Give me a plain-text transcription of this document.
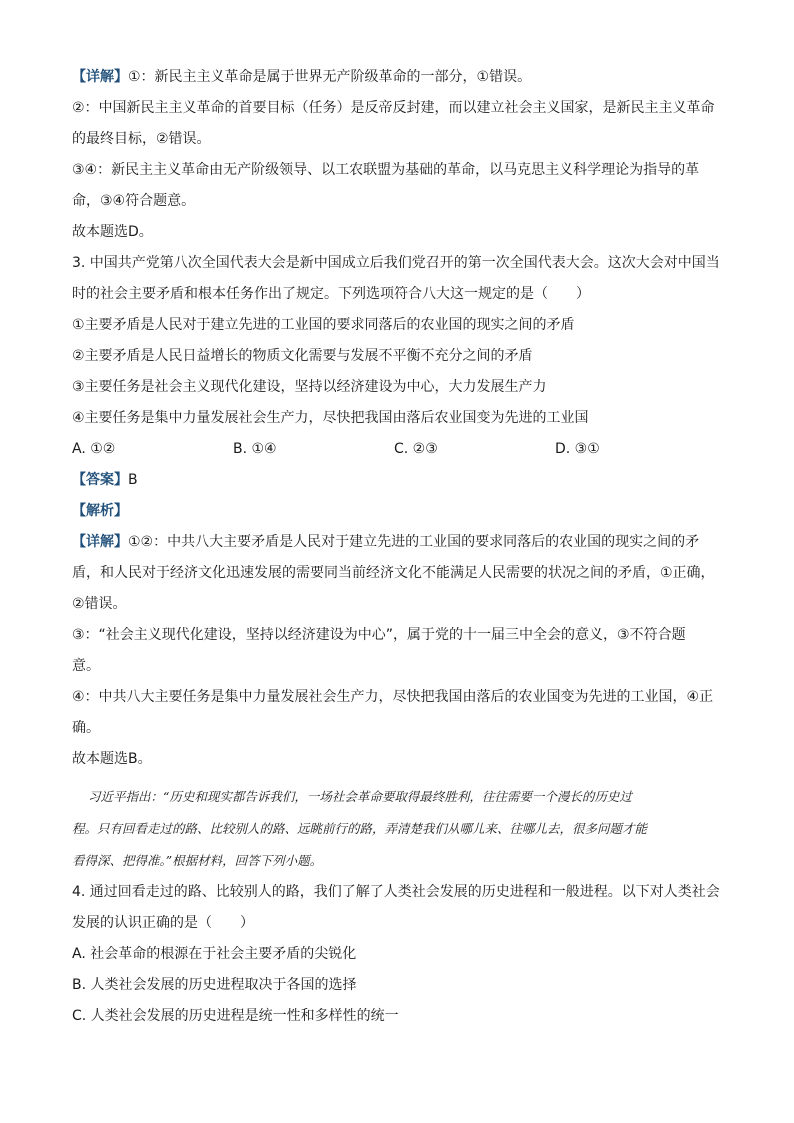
【详解】①：新民主主义革命是属于世界无产阶级革命的一部分，①错误。
②：中国新民主主义革命的首要目标（任务）是反帝反封建，而以建立社会主义国家，是新民主主义革命
的最终目标，②错误。
③④：新民主主义革命由无产阶级领导、以工农联盟为基础的革命，以马克思主义科学理论为指导的革
命，③④符合题意。
故本题选D。
3. 中国共产党第八次全国代表大会是新中国成立后我们党召开的第一次全国代表大会。这次大会对中国当
时的社会主要矛盾和根本任务作出了规定。下列选项符合八大这一规定的是（　　）
①主要矛盾是人民对于建立先进的工业国的要求同落后的农业国的现实之间的矛盾
②主要矛盾是人民日益增长的物质文化需要与发展不平衡不充分之间的矛盾
③主要任务是社会主义现代化建设，坚持以经济建设为中心，大力发展生产力
④主要任务是集中力量发展社会生产力，尽快把我国由落后农业国变为先进的工业国
A. ①②	B. ①④	C. ②③	D. ③①
【答案】B
【解析】
【详解】①②：中共八大主要矛盾是人民对于建立先进的工业国的要求同落后的农业国的现实之间的矛
盾，和人民对于经济文化迅速发展的需要同当前经济文化不能满足人民需要的状况之间的矛盾，①正确，
②错误。
③：“社会主义现代化建设，坚持以经济建设为中心”，属于党的十一届三中全会的意义，③不符合题
意。
④：中共八大主要任务是集中力量发展社会生产力，尽快把我国由落后的农业国变为先进的工业国，④正
确。
故本题选B。
习近平指出：“历史和现实都告诉我们，一场社会革命要取得最终胜利，往往需要一个漫长的历史过
程。只有回看走过的路、比较别人的路、远眺前行的路，弄清楚我们从哪儿来、往哪儿去，很多问题才能
看得深、把得准。”根据材料，回答下列小题。
4. 通过回看走过的路、比较别人的路，我们了解了人类社会发展的历史进程和一般进程。以下对人类社会
发展的认识正确的是（　　）
A. 社会革命的根源在于社会主要矛盾的尖锐化
B. 人类社会发展的历史进程取决于各国的选择
C. 人类社会发展的历史进程是统一性和多样性的统一
